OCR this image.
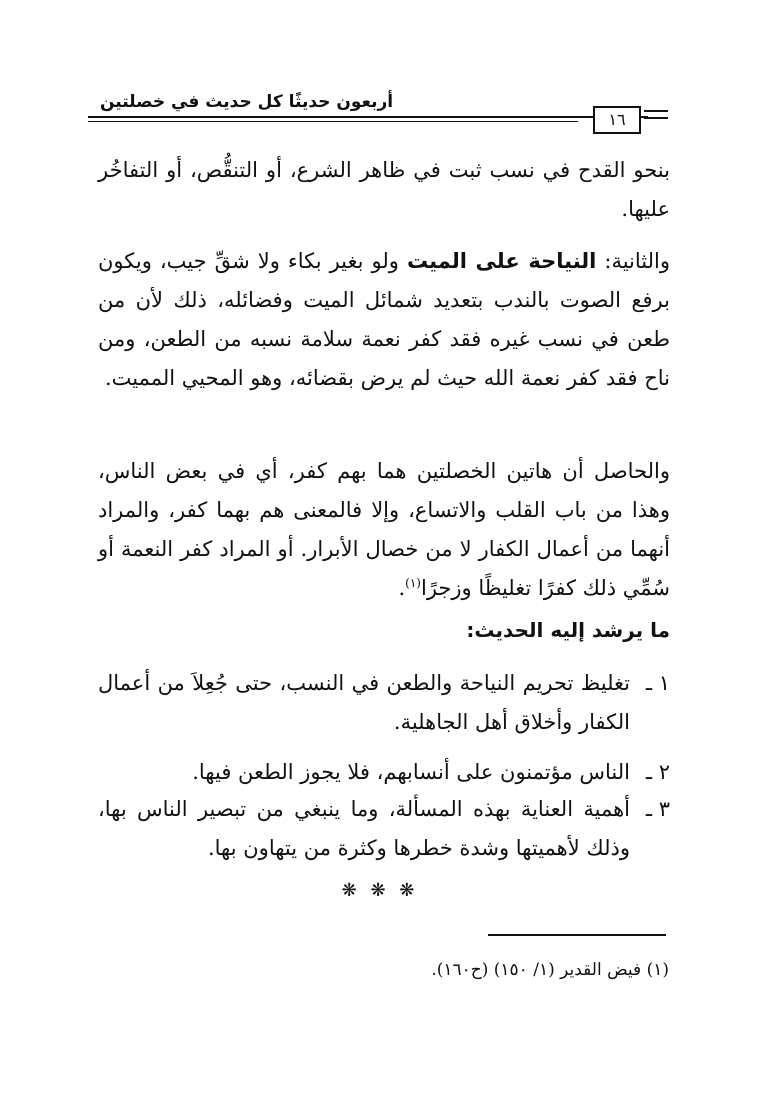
أربعون حديثًا كل حديث في خصلتين
١٦
بنحو القدح في نسب ثبت في ظاهر الشرع، أو التنقُّص، أو التفاخُر عليها.
والثانية: النياحة على الميت ولو بغير بكاء ولا شقِّ جيب، ويكون برفع الصوت بالندب بتعديد شمائل الميت وفضائله، ذلك لأن من طعن في نسب غيره فقد كفر نعمة سلامة نسبه من الطعن، ومن ناح فقد كفر نعمة الله حيث لم يرض بقضائه، وهو المحيي المميت.
والحاصل أن هاتين الخصلتين هما بهم كفر، أي في بعض الناس، وهذا من باب القلب والاتساع، وإلا فالمعنى هم بهما كفر، والمراد أنهما من أعمال الكفار لا من خصال الأبرار. أو المراد كفر النعمة أو سُمِّي ذلك كفرًا تغليظًا وزجرًا$^{(١)}$.
ما يرشد إليه الحديث:
١ ـ
تغليظ تحريم النياحة والطعن في النسب، حتى جُعِلاَ من أعمال الكفار وأخلاق أهل الجاهلية.
٢ ـ
الناس مؤتمنون على أنسابهم، فلا يجوز الطعن فيها.
٣ ـ
أهمية العناية بهذه المسألة، وما ينبغي من تبصير الناس بها، وذلك لأهميتها وشدة خطرها وكثرة من يتهاون بها.
❋ ❋ ❋
(١) فيض القدير (١/ ١٥٠) (ح١٦٠).
